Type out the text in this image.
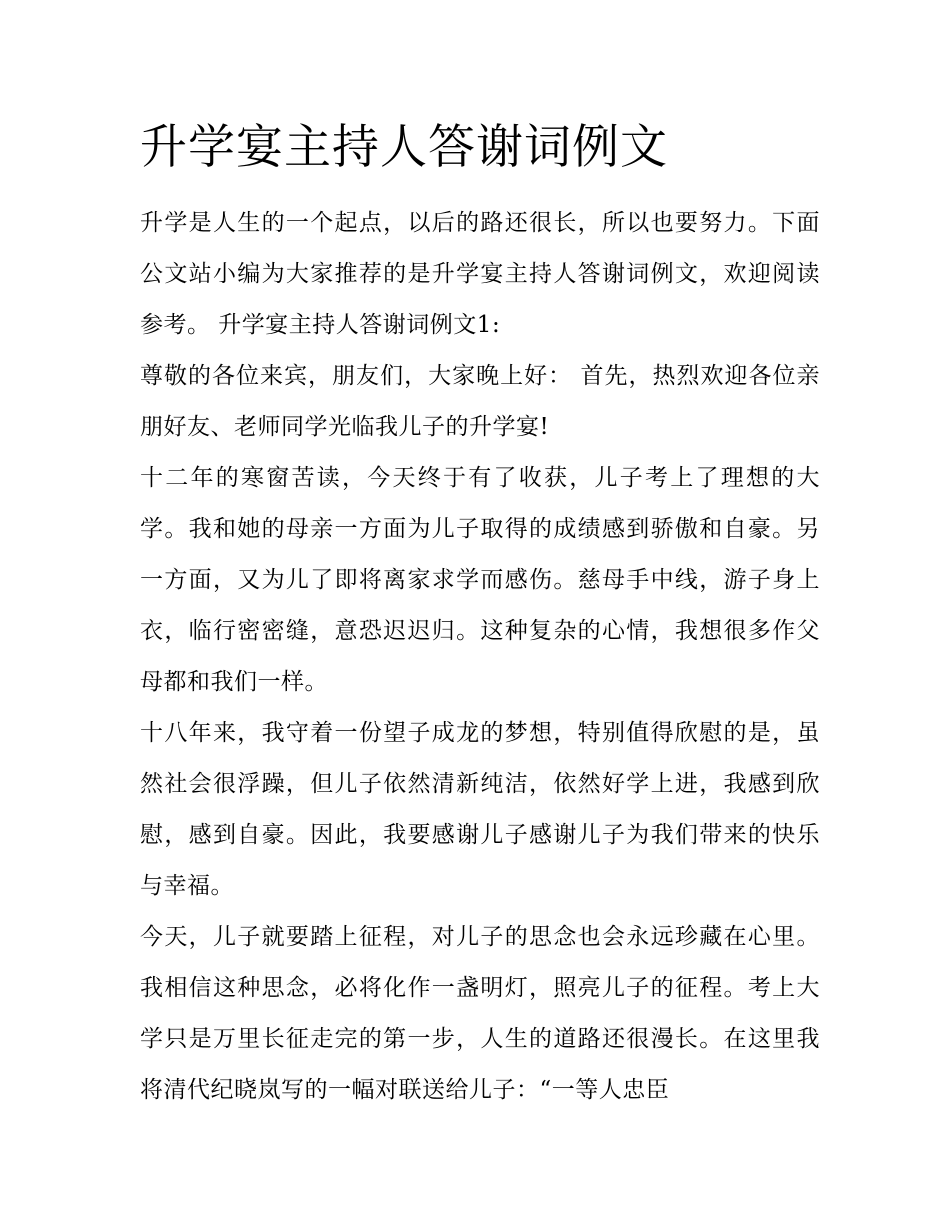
升学宴主持人答谢词例文

升学是人生的一个起点，以后的路还很长，所以也要努力。下面公文站小编为大家推荐的是升学宴主持人答谢词例文，欢迎阅读参考。 升学宴主持人答谢词例文1:

尊敬的各位来宾，朋友们，大家晚上好： 首先，热烈欢迎各位亲朋好友、老师同学光临我儿子的升学宴!

十二年的寒窗苦读，今天终于有了收获，儿子考上了理想的大学。我和她的母亲一方面为儿子取得的成绩感到骄傲和自豪。另一方面，又为儿了即将离家求学而感伤。慈母手中线，游子身上衣，临行密密缝，意恐迟迟归。这种复杂的心情，我想很多作父母都和我们一样。

十八年来，我守着一份望子成龙的梦想，特别值得欣慰的是，虽然社会很浮躁，但儿子依然清新纯洁，依然好学上进，我感到欣慰，感到自豪。因此，我要感谢儿子感谢儿子为我们带来的快乐与幸福。

今天，儿子就要踏上征程，对儿子的思念也会永远珍藏在心里。我相信这种思念，必将化作一盏明灯，照亮儿子的征程。考上大学只是万里长征走完的第一步，人生的道路还很漫长。在这里我将清代纪晓岚写的一幅对联送给儿子：“一等人忠臣
